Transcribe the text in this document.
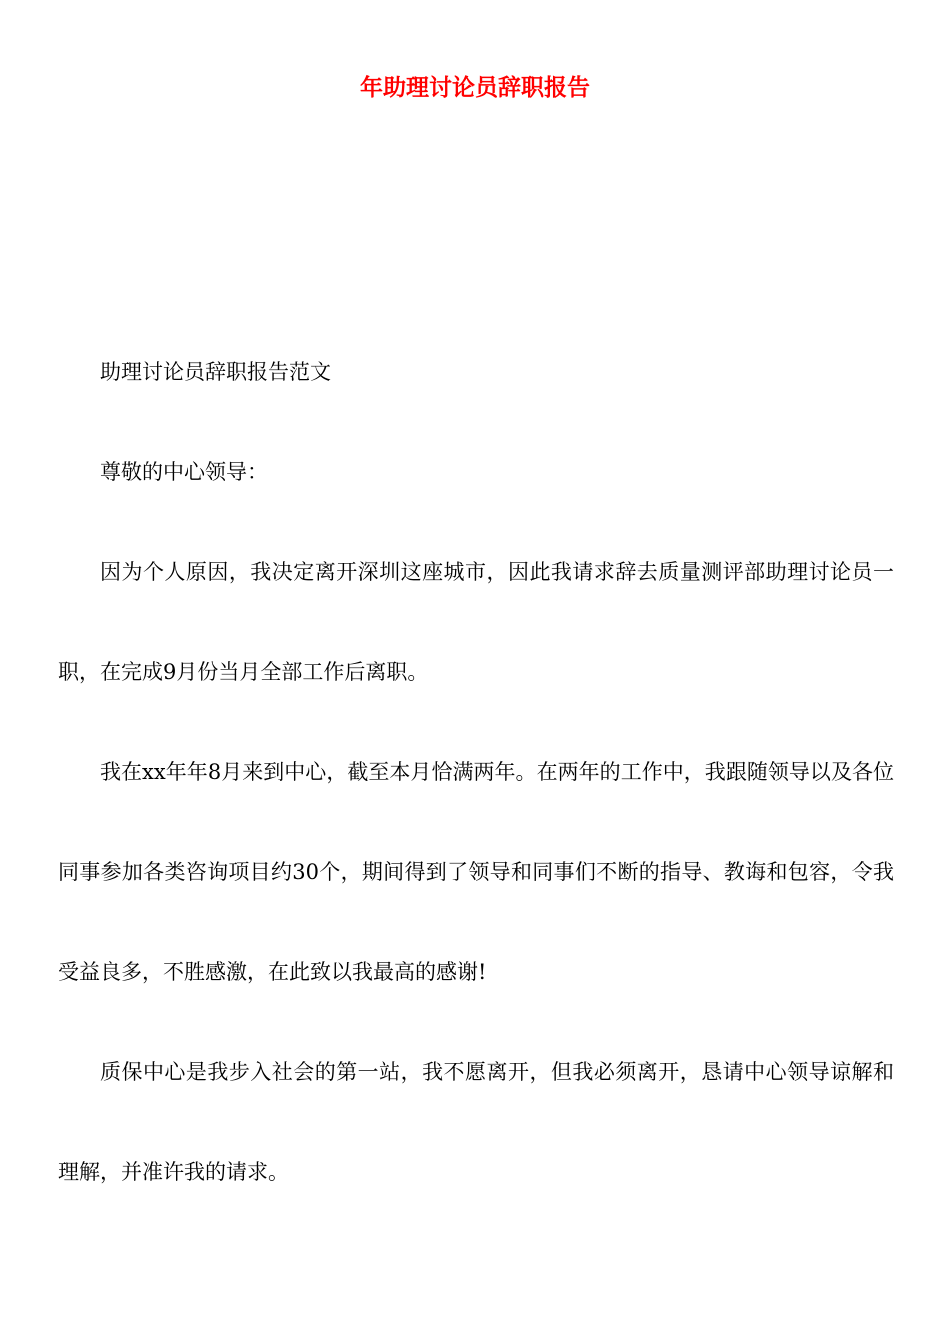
年助理讨论员辞职报告

助理讨论员辞职报告范文

尊敬的中心领导：

因为个人原因，我决定离开深圳这座城市，因此我请求辞去质量测评部助理讨论员一职，在完成9月份当月全部工作后离职。

我在xx年年8月来到中心，截至本月恰满两年。在两年的工作中，我跟随领导以及各位同事参加各类咨询项目约30个，期间得到了领导和同事们不断的指导、教诲和包容，令我受益良多，不胜感激，在此致以我最高的感谢!

质保中心是我步入社会的第一站，我不愿离开，但我必须离开，恳请中心领导谅解和理解，并准许我的请求。
